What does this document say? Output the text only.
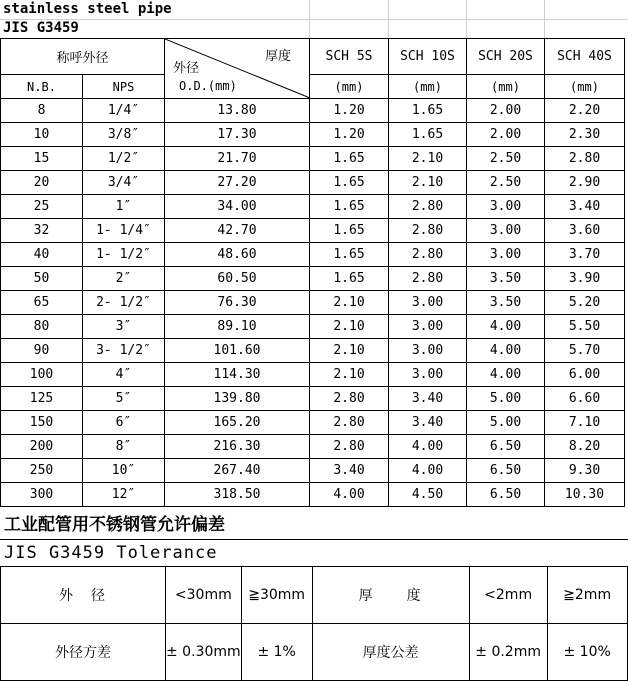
stainless steel pipe
JIS G3459
称呼外径		厚度
外径
O.D.(mm)	SCH 5S	SCH 10S	SCH 20S	SCH 40S
N.B.	NPS		(mm)	(mm)	(mm)	(mm)
8	1/4″	13.80	1.20	1.65	2.00	2.20
10	3/8″	17.30	1.20	1.65	2.00	2.30
15	1/2″	21.70	1.65	2.10	2.50	2.80
20	3/4″	27.20	1.65	2.10	2.50	2.90
25	1″	34.00	1.65	2.80	3.00	3.40
32	1- 1/4″	42.70	1.65	2.80	3.00	3.60
40	1- 1/2″	48.60	1.65	2.80	3.00	3.70
50	2″	60.50	1.65	2.80	3.50	3.90
65	2- 1/2″	76.30	2.10	3.00	3.50	5.20
80	3″	89.10	2.10	3.00	4.00	5.50
90	3- 1/2″	101.60	2.10	3.00	4.00	5.70
100	4″	114.30	2.10	3.00	4.00	6.00
125	5″	139.80	2.80	3.40	5.00	6.60
150	6″	165.20	2.80	3.40	5.00	7.10
200	8″	216.30	2.80	4.00	6.50	8.20
250	10″	267.40	3.40	4.00	6.50	9.30
300	12″	318.50	4.00	4.50	6.50	10.30
工业配管用不锈钢管允许偏差
JIS G3459 Tolerance
外　径	<30mm	≧30mm	厚　　度	<2mm	≧2mm
外径方差	± 0.30mm	± 1%	厚度公差	± 0.2mm	± 10%
